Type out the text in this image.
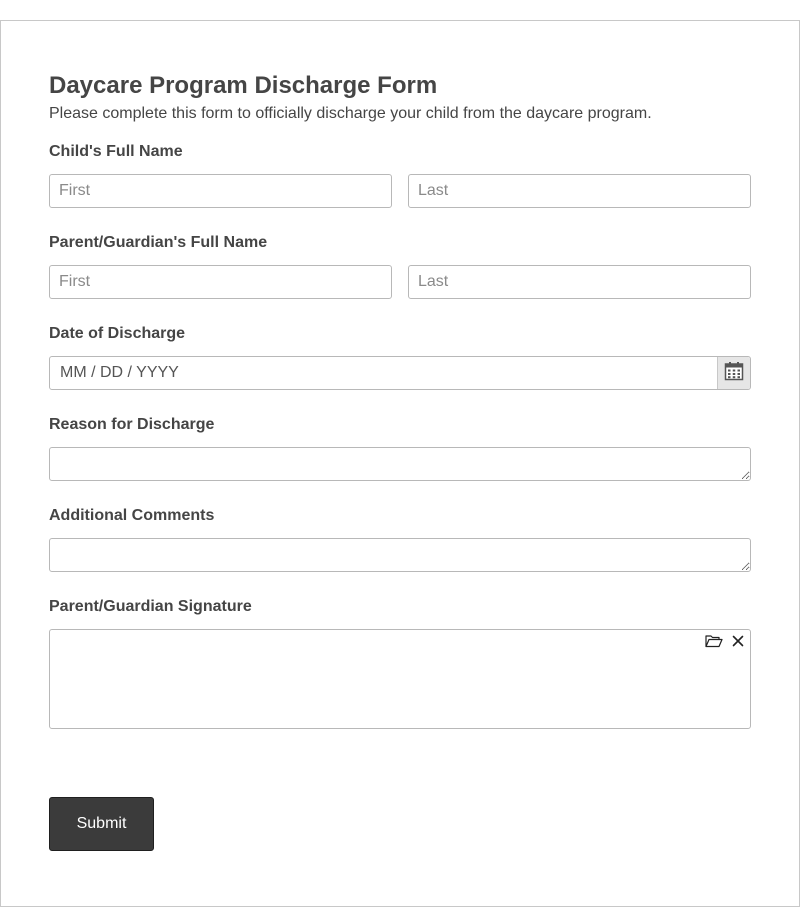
Daycare Program Discharge Form

Please complete this form to officially discharge your child from the daycare program.

Child's Full Name
First
Last
Parent/Guardian's Full Name
First
Last
Date of Discharge
MM / DD / YYYY
Reason for Discharge
Additional Comments
Parent/Guardian Signature
Submit
